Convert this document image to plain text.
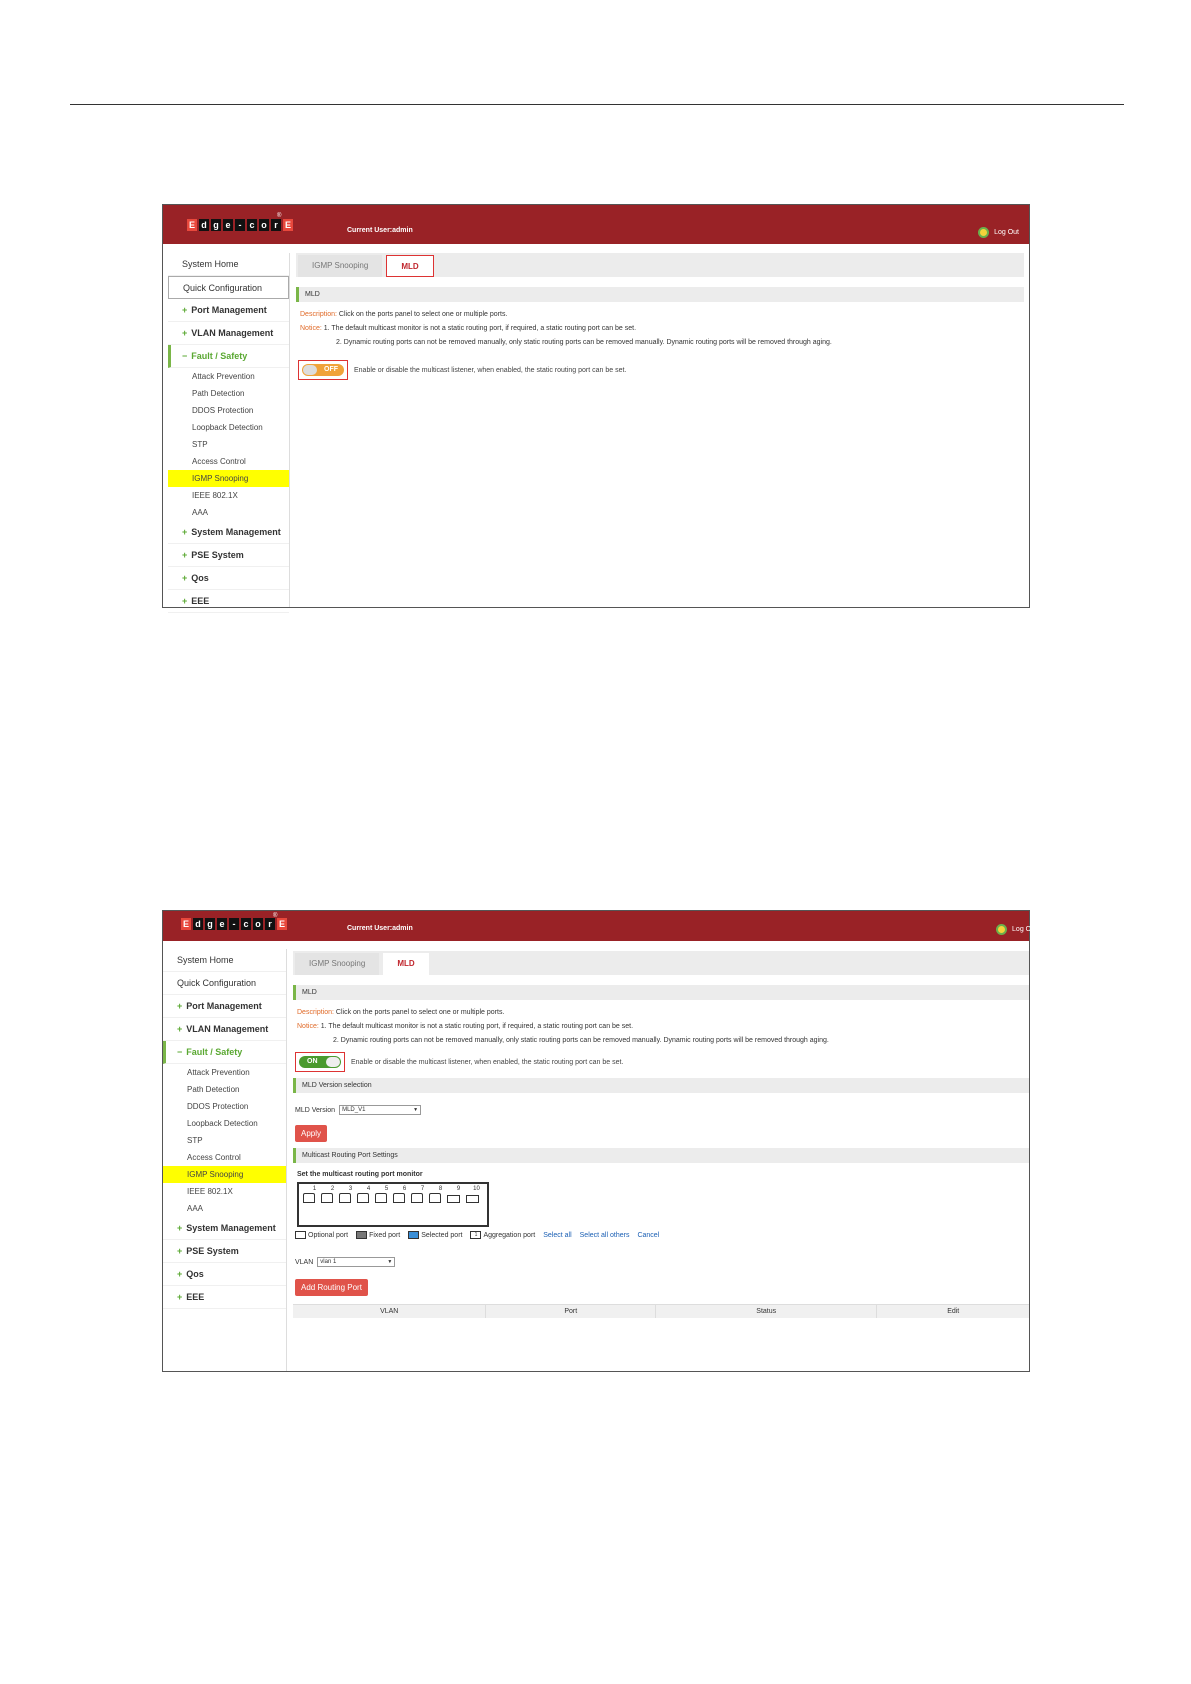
E d g e - c o r E
®
Current User:admin	Log Out
System Home
Quick Configuration
+ Port Management
+ VLAN Management
− Fault / Safety
Attack Prevention
Path Detection
DDOS Protection
Loopback Detection
STP
Access Control
IGMP Snooping
IEEE 802.1X
AAA
+ System Management
+ PSE System
+ Qos
+ EEE
IGMP Snooping	MLD
MLD
Description: Click on the ports panel to select one or multiple ports.
Notice: 1. The default multicast monitor is not a static routing port, if required, a static routing port can be set.
2. Dynamic routing ports can not be removed manually, only static routing ports can be removed manually. Dynamic routing ports will be removed through aging.
OFF	Enable or disable the multicast listener, when enabled, the static routing port can be set.
E d g e - c o r E
®
Current User:admin	Log Ou
System Home
Quick Configuration
+ Port Management
+ VLAN Management
− Fault / Safety
Attack Prevention
Path Detection
DDOS Protection
Loopback Detection
STP
Access Control
IGMP Snooping
IEEE 802.1X
AAA
+ System Management
+ PSE System
+ Qos
+ EEE
IGMP Snooping	MLD
MLD
Description: Click on the ports panel to select one or multiple ports.
Notice: 1. The default multicast monitor is not a static routing port, if required, a static routing port can be set.
2. Dynamic routing ports can not be removed manually, only static routing ports can be removed manually. Dynamic routing ports will be removed through aging.
ON	Enable or disable the multicast listener, when enabled, the static routing port can be set.
MLD Version selection
MLD Version	MLD_V1 ▼
Apply
Multicast Routing Port Settings
Set the multicast routing port monitor
1	2	3	4	5	6	7	8	9	10
Optional port	Fixed port	Selected port	1 Aggregation port Select all Select all others Cancel
VLAN	vlan 1 ▼
Add Routing Port
VLAN	Port	Status	Edit
